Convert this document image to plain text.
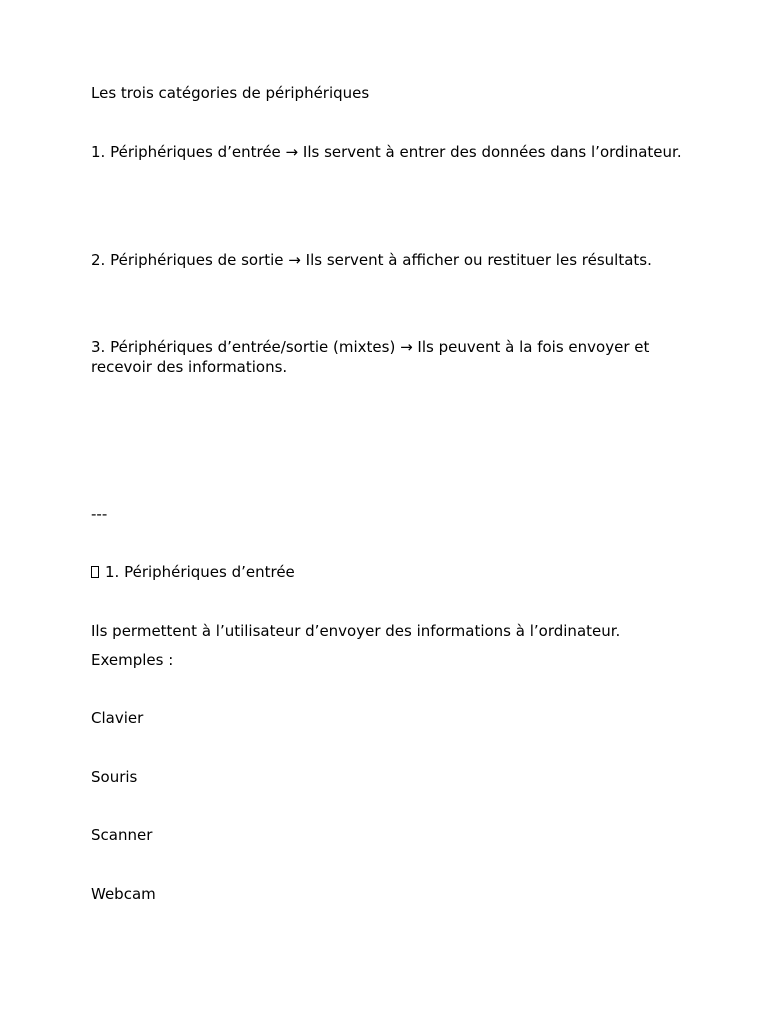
Les trois catégories de périphériques

1. Périphériques d’entrée → Ils servent à entrer des données dans l’ordinateur.

2. Périphériques de sortie → Ils servent à afficher ou restituer les résultats.

3. Périphériques d’entrée/sortie (mixtes) → Ils peuvent à la fois envoyer et recevoir des informations.

---

1. Périphériques d’entrée

Ils permettent à l’utilisateur d’envoyer des informations à l’ordinateur.

Exemples :

Clavier

Souris

Scanner

Webcam
